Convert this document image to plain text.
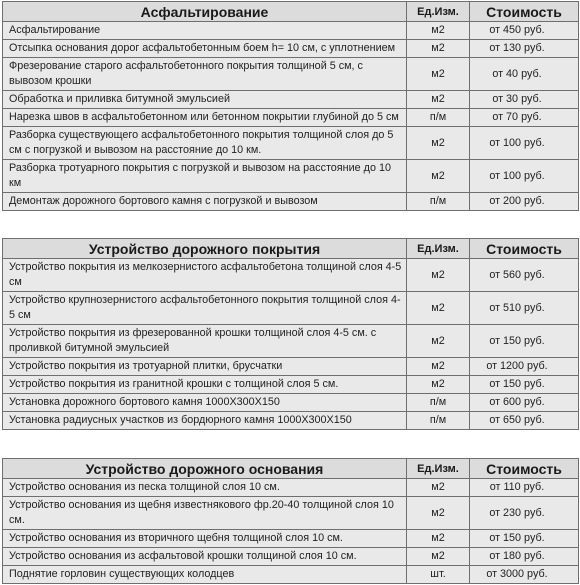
Асфальтирование	Ед.Изм.	Стоимость
Асфальтирование	м2	от 450 руб.
Отсыпка основания дорог асфальтобетонным боем h= 10 см, с уплотнением	м2	от 130 руб.
Фрезерование старого асфальтобетонного покрытия толщиной 5 см, с вывозом крошки	м2	от 40 руб.
Обработка и приливка битумной эмульсией	м2	от 30 руб.
Нарезка швов в асфальтобетонном или бетонном покрытии глубиной до 5 см	п/м	от 70 руб.
Разборка существующего асфальтобетонного покрытия толщиной слоя до 5 см с погрузкой и вывозом на расстояние до 10 км.	м2	от 100 руб.
Разборка тротуарного покрытия с погрузкой и вывозом на расстояние до 10 км	м2	от 100 руб.
Демонтаж дорожного бортового камня с погрузкой и вывозом	п/м	от 200 руб.
Устройство дорожного покрытия	Ед.Изм.	Стоимость
Устройство покрытия из мелкозернистого асфальтобетона толщиной слоя 4-5 см	м2	от 560 руб.
Устройство крупнозернистого асфальтобетонного покрытия толщиной слоя 4-5 см	м2	от 510 руб.
Устройство покрытия из фрезерованной крошки толщиной слоя 4-5 см. с проливкой битумной эмульсией	м2	от 150 руб.
Устройство покрытия из тротуарной плитки, брусчатки	м2	от 1200 руб.
Устройство покрытия из гранитной крошки с толщиной слоя 5 см.	м2	от 150 руб.
Установка дорожного бортового камня 1000Х300Х150	п/м	от 600 руб.
Установка радиусных участков из бордюрного камня 1000Х300Х150	п/м	от 650 руб.
Устройство дорожного основания	Ед.Изм.	Стоимость
Устройство основания из песка толщиной слоя 10 см.	м2	от 110 руб.
Устройство основания из щебня известнякового фр.20-40 толщиной слоя 10 см.	м2	от 230 руб.
Устройство основания из вторичного щебня толщиной слоя 10 см.	м2	от 150 руб.
Устройство основания из асфальтовой крошки толщиной слоя 10 см.	м2	от 180 руб.
Поднятие горловин существующих колодцев	шт.	от 3000 руб.
